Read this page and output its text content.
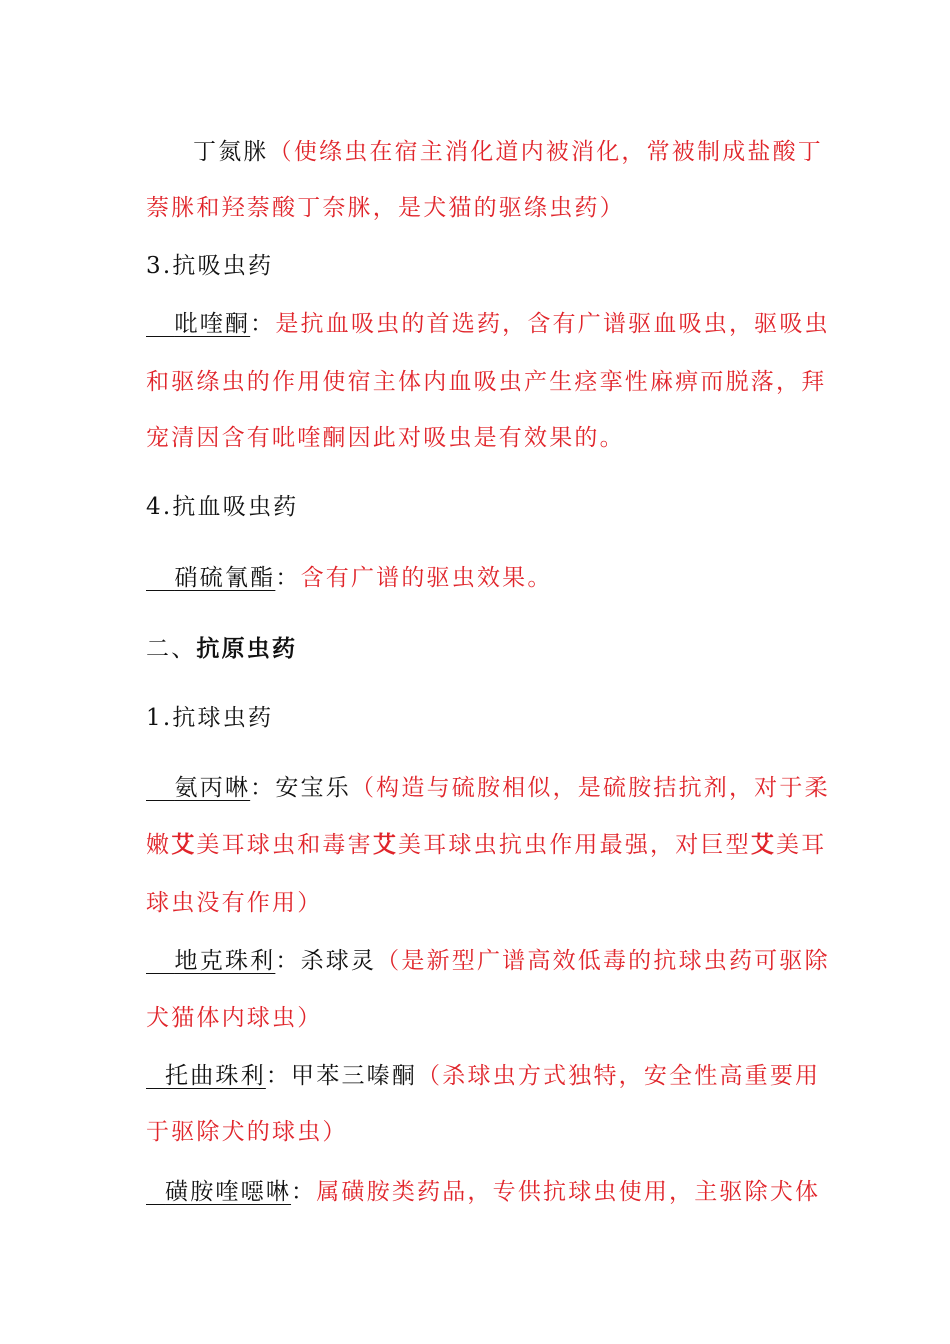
丁氮脒（使绦虫在宿主消化道内被消化，常被制成盐酸丁
萘脒和羟萘酸丁奈脒，是犬猫的驱绦虫药）
3.抗吸虫药
吡喹酮：是抗血吸虫的首选药，含有广谱驱血吸虫，驱吸虫
和驱绦虫的作用使宿主体内血吸虫产生痉挛性麻痹而脱落，拜
宠清因含有吡喹酮因此对吸虫是有效果的。
4.抗血吸虫药
硝硫氰酯：含有广谱的驱虫效果。
二、抗原虫药
1.抗球虫药
氨丙啉：安宝乐（构造与硫胺相似，是硫胺拮抗剂，对于柔
嫩艾美耳球虫和毒害艾美耳球虫抗虫作用最强，对巨型艾美耳
球虫没有作用）
地克珠利：杀球灵（是新型广谱高效低毒的抗球虫药可驱除
犬猫体内球虫）
托曲珠利：甲苯三嗪酮（杀球虫方式独特，安全性高重要用
于驱除犬的球虫）
磺胺喹噁啉：属磺胺类药品，专供抗球虫使用，主驱除犬体
